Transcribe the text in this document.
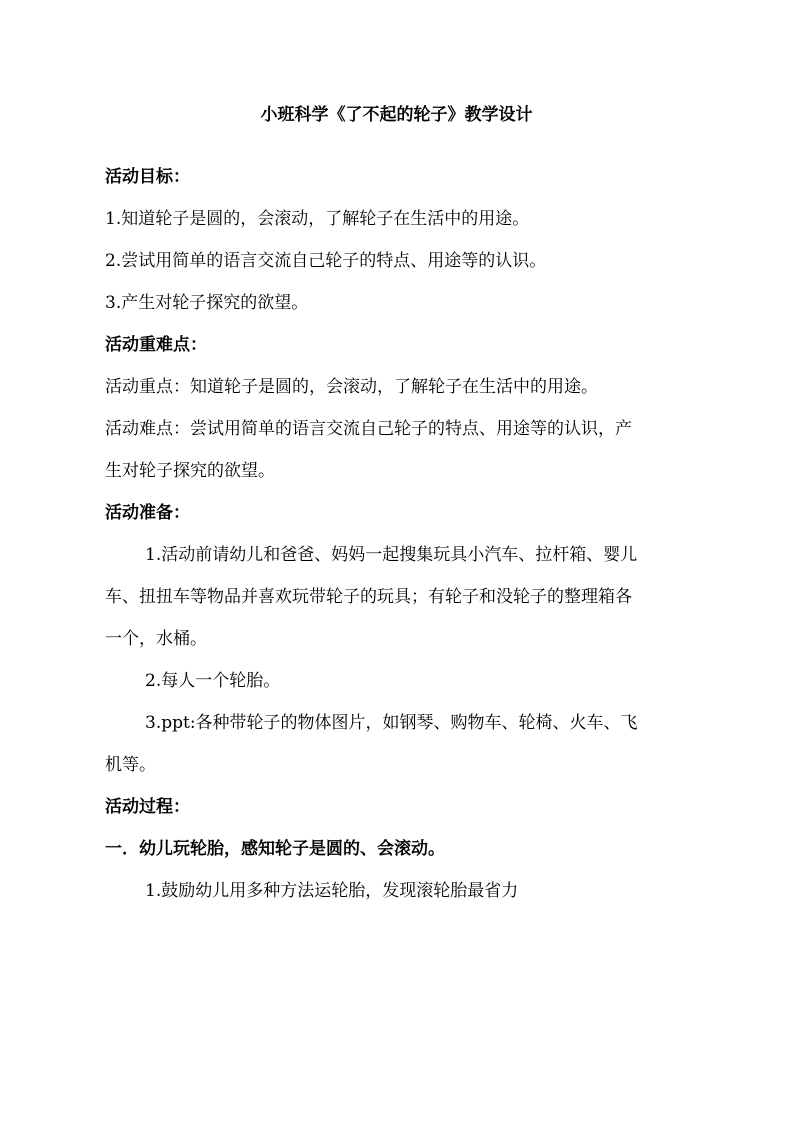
小班科学《了不起的轮子》教学设计
活动目标：
1.知道轮子是圆的，会滚动，了解轮子在生活中的用途。
2.尝试用简单的语言交流自己轮子的特点、用途等的认识。
3.产生对轮子探究的欲望。
活动重难点：
活动重点：知道轮子是圆的，会滚动，了解轮子在生活中的用途。
活动难点：尝试用简单的语言交流自己轮子的特点、用途等的认识，产
生对轮子探究的欲望。
活动准备：
1.活动前请幼儿和爸爸、妈妈一起搜集玩具小汽车、拉杆箱、婴儿
车、扭扭车等物品并喜欢玩带轮子的玩具；有轮子和没轮子的整理箱各
一个，水桶。
2.每人一个轮胎。
3.ppt:各种带轮子的物体图片，如钢琴、购物车、轮椅、火车、飞
机等。
活动过程：
一．幼儿玩轮胎，感知轮子是圆的、会滚动。
1.鼓励幼儿用多种方法运轮胎，发现滚轮胎最省力
